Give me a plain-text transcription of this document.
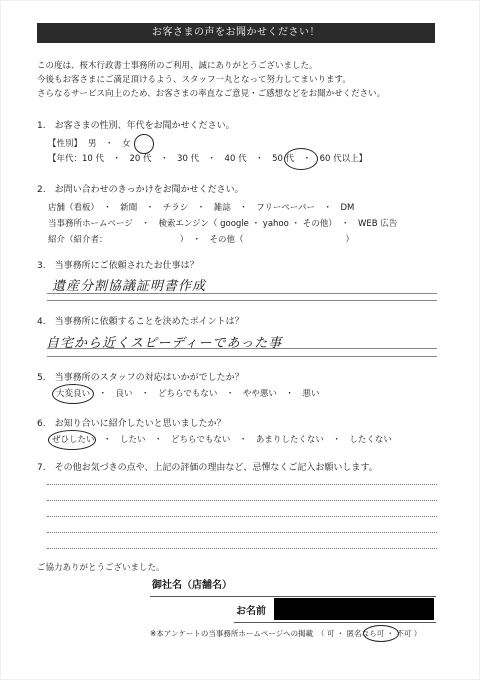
お客さまの声をお聞かせください！
この度は、桜木行政書士事務所のご利用、誠にありがとうございました。
今後もお客さまにご満足頂けるよう、スタッフ一丸となって努力してまいります。
さらなるサービス向上のため、お客さまの率直なご意見・ご感想などをお聞かせください。
1.　お客さまの性別、年代をお聞かせください。
【性別】 男　・　女
【年代：10 代　・　20 代　・　30 代　・　40 代　・　50 代　・　60 代以上】
2.　お問い合わせのきっかけをお聞かせください。
店舗（看板）　・　新聞　・　チラシ　・　雑誌　・　フリーペーパー　・　DM
当事務所ホームページ　・　検索エンジン（ google ・ yahoo ・ その他）　・　WEB 広告
紹介（紹介者：　　　　　　　　　）　・　その他（　　　　　　　　　　　　）
3.　当事務所にご依頼されたお仕事は？
遺産分割協議証明書作成
4.　当事務所に依頼することを決めたポイントは？
自宅から近くスピーディーであった事
5.　当事務所のスタッフの対応はいかがでしたか？
大変良い　・　良い　・　どちらでもない　・　やや悪い　・　悪い
6.　お知り合いに紹介したいと思いましたか？
ぜひしたい　・　したい　・　どちらでもない　・　あまりしたくない　・　したくない
7.　その他お気づきの点や、上記の評価の理由など、忌憚なくご記入お願いします。
ご協力ありがとうございました。
御社名（店舗名）
お名前
※本アンケートの当事務所ホームページへの掲載　（ 可 ・ 匿名なら可 ・ 不可 ）
